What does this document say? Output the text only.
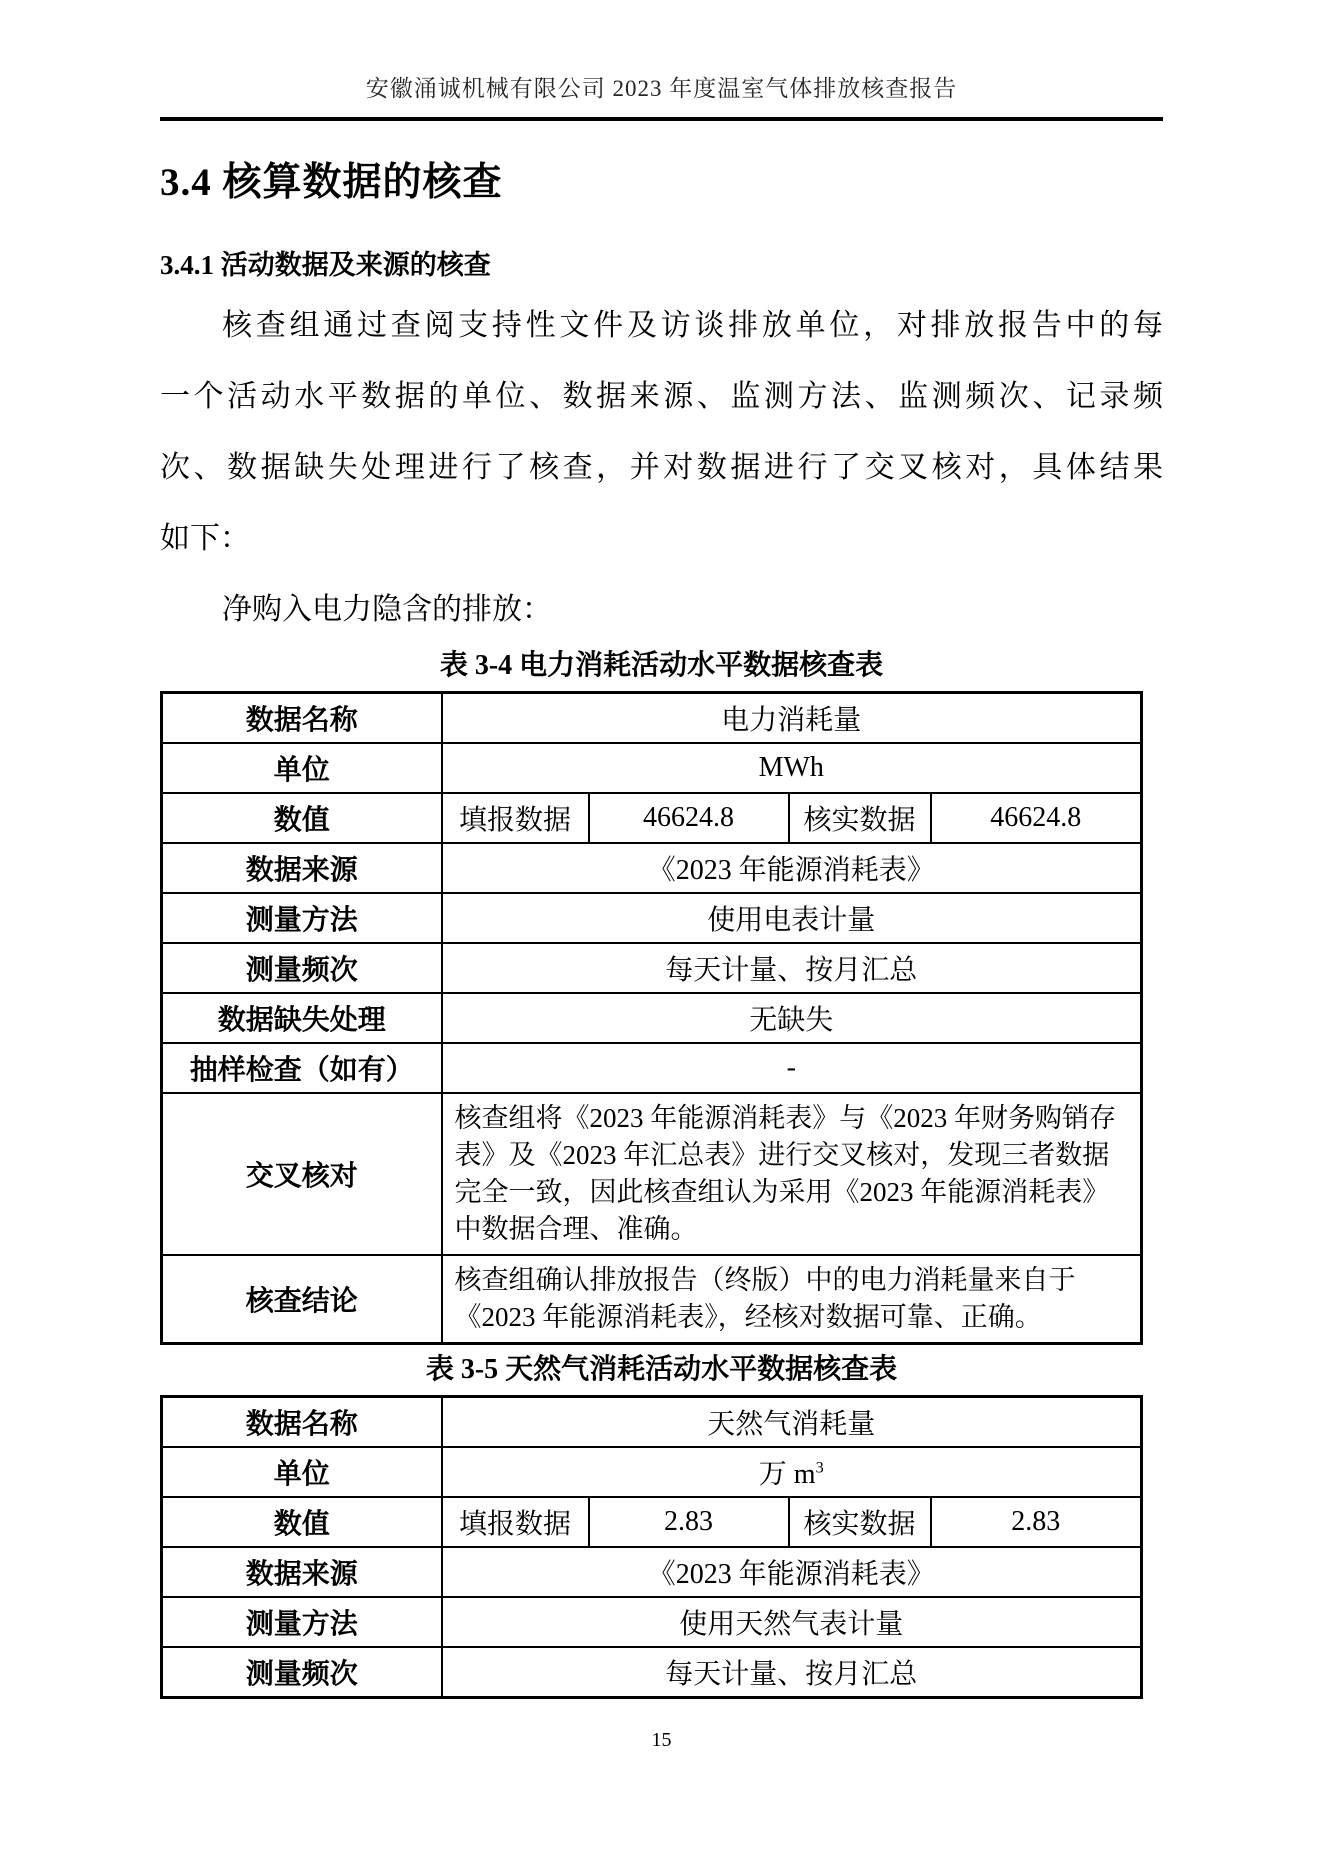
安徽涌诚机械有限公司 2023 年度温室气体排放核查报告
3.4 核算数据的核查
3.4.1 活动数据及来源的核查
核查组通过查阅支持性文件及访谈排放单位，对排放报告中的每
一个活动水平数据的单位、数据来源、监测方法、监测频次、记录频
次、数据缺失处理进行了核查，并对数据进行了交叉核对，具体结果
如下：
净购入电力隐含的排放：
表 3-4 电力消耗活动水平数据核查表
数据名称	电力消耗量			
单位	MWh			
数值	填报数据	46624.8	核实数据	46624.8
数据来源	《2023 年能源消耗表》			
测量方法	使用电表计量			
测量频次	每天计量、按月汇总			
数据缺失处理	无缺失			
抽样检查（如有）	-			
交叉核对	核查组将《2023 年能源消耗表》与《2023 年财务购销存表》及《2023 年汇总表》进行交叉核对，发现三者数据完全一致，因此核查组认为采用《2023 年能源消耗表》中数据合理、准确。			
核查结论	核查组确认排放报告（终版）中的电力消耗量来自于《2023 年能源消耗表》，经核对数据可靠、正确。			
表 3-5 天然气消耗活动水平数据核查表
数据名称	天然气消耗量			
单位	万 $m^3$
数值	填报数据	2.83	核实数据	2.83
数据来源	《2023 年能源消耗表》			
测量方法	使用天然气表计量			
测量频次	每天计量、按月汇总			
15
